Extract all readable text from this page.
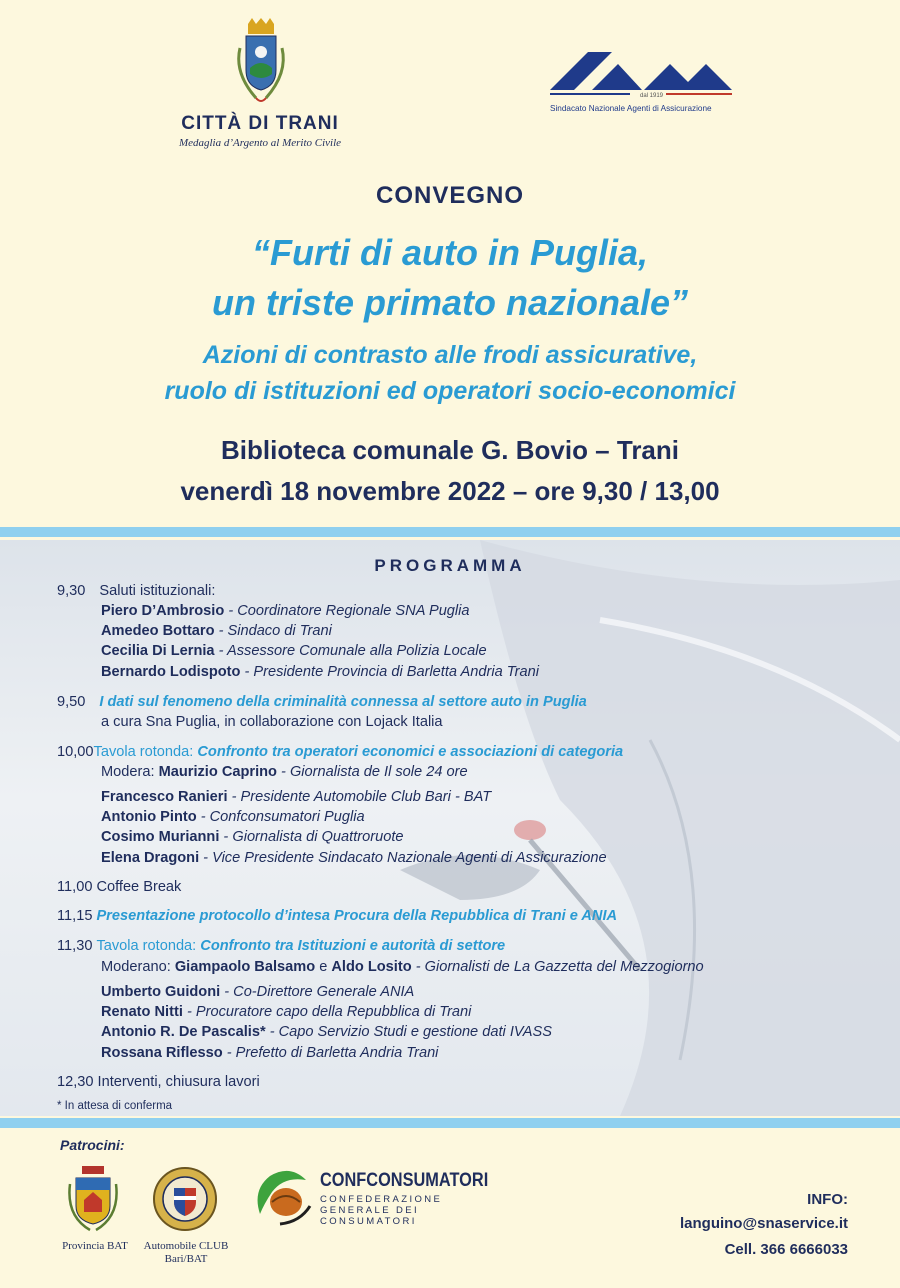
CITTÀ DI TRANI
Medaglia d’Argento al Merito Civile
dal 1919
Sindacato Nazionale Agenti di Assicurazione
SNA
CONVEGNO
“Furti di auto in Puglia,
un triste primato nazionale”
Azioni di contrasto alle frodi assicurative,
ruolo di istituzioni ed operatori socio-economici
Biblioteca comunale G. Bovio – Trani
venerdì 18 novembre 2022 – ore 9,30 / 13,00
PROGRAMMA
9,30 Saluti istituzionali:
Piero D’Ambrosio - Coordinatore Regionale SNA Puglia
Amedeo Bottaro - Sindaco di Trani
Cecilia Di Lernia - Assessore Comunale alla Polizia Locale
Bernardo Lodispoto - Presidente Provincia di Barletta Andria Trani
9,50 I dati sul fenomeno della criminalità connessa al settore auto in Puglia
a cura Sna Puglia, in collaborazione con Lojack Italia
10,00Tavola rotonda: Confronto tra operatori economici e associazioni di categoria
Modera: Maurizio Caprino - Giornalista de Il sole 24 ore
Francesco Ranieri - Presidente Automobile Club Bari - BAT
Antonio Pinto - Confconsumatori Puglia
Cosimo Murianni - Giornalista di Quattroruote
Elena Dragoni - Vice Presidente Sindacato Nazionale Agenti di Assicurazione
11,00 Coffee Break
11,15 Presentazione protocollo d’intesa Procura della Repubblica di Trani e ANIA
11,30 Tavola rotonda: Confronto tra Istituzioni e autorità di settore
Moderano: Giampaolo Balsamo e Aldo Losito - Giornalisti de La Gazzetta del Mezzogiorno
Umberto Guidoni - Co-Direttore Generale ANIA
Renato Nitti - Procuratore capo della Repubblica di Trani
Antonio R. De Pascalis* - Capo Servizio Studi e gestione dati IVASS
Rossana Riflesso - Prefetto di Barletta Andria Trani
12,30 Interventi, chiusura lavori
* In attesa di conferma
Patrocini:
Provincia BAT	Automobile CLUB
Bari/BAT
CONFCONSUMATORI
CONFEDERAZIONE GENERALE DEI CONSUMATORI
INFO:
languino@snaservice.it
Cell. 366 6666033
